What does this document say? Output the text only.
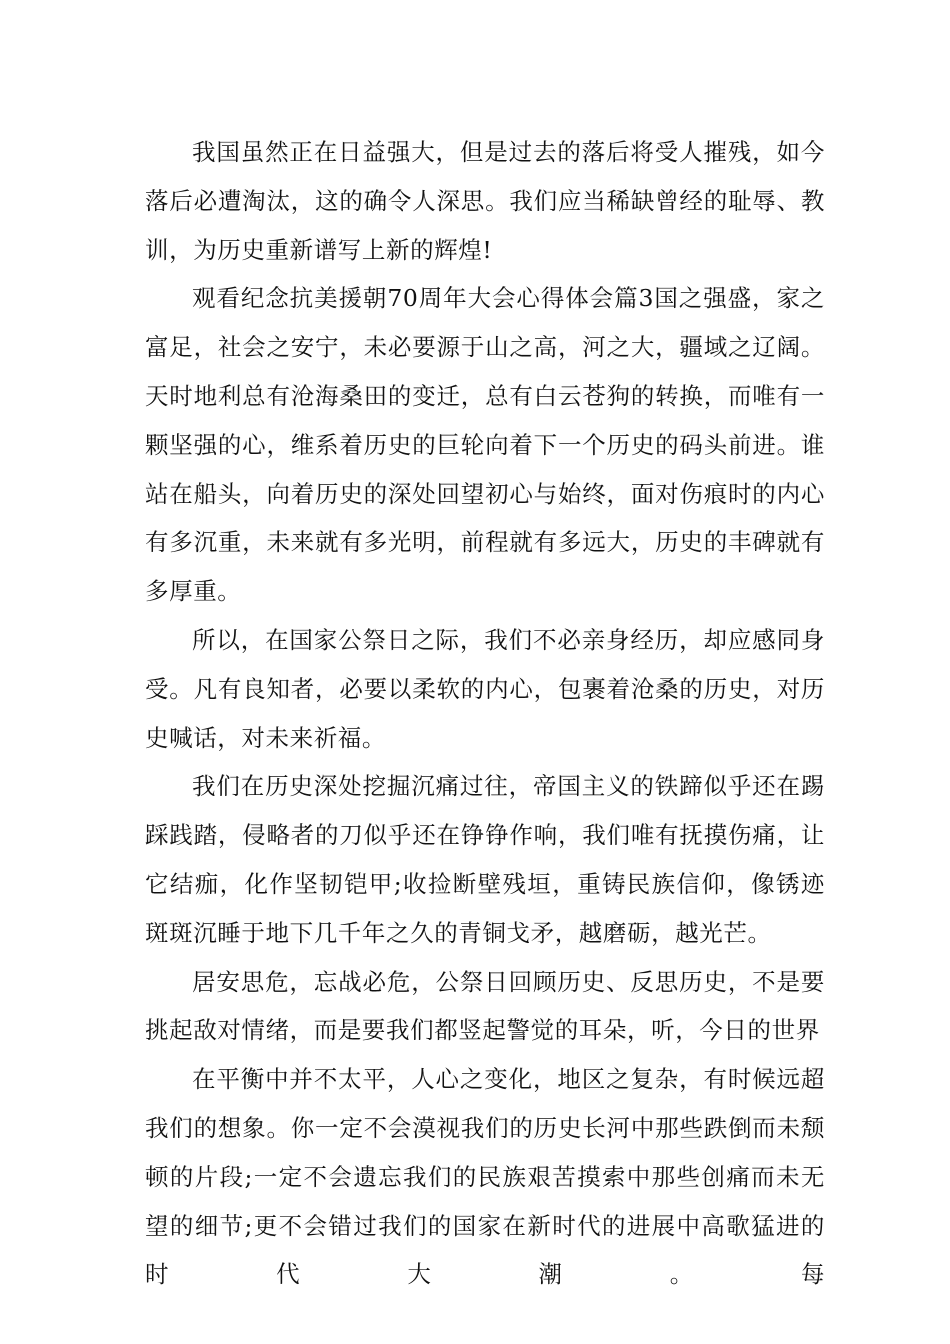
我国虽然正在日益强大，但是过去的落后将受人摧残，如今落后必遭淘汰，这的确令人深思。我们应当稀缺曾经的耻辱、教训，为历史重新谱写上新的辉煌!

观看纪念抗美援朝70周年大会心得体会篇3国之强盛，家之富足，社会之安宁，未必要源于山之高，河之大，疆域之辽阔。天时地利总有沧海桑田的变迁，总有白云苍狗的转换，而唯有一颗坚强的心，维系着历史的巨轮向着下一个历史的码头前进。谁站在船头，向着历史的深处回望初心与始终，面对伤痕时的内心有多沉重，未来就有多光明，前程就有多远大，历史的丰碑就有多厚重。

所以，在国家公祭日之际，我们不必亲身经历，却应感同身受。凡有良知者，必要以柔软的内心，包裹着沧桑的历史，对历史喊话，对未来祈福。

我们在历史深处挖掘沉痛过往，帝国主义的铁蹄似乎还在踢踩践踏，侵略者的刀似乎还在铮铮作响，我们唯有抚摸伤痛，让它结痂，化作坚韧铠甲;收捡断壁残垣，重铸民族信仰，像锈迹斑斑沉睡于地下几千年之久的青铜戈矛，越磨砺，越光芒。

居安思危，忘战必危，公祭日回顾历史、反思历史，不是要挑起敌对情绪，而是要我们都竖起警觉的耳朵，听，今日的世界

在平衡中并不太平，人心之变化，地区之复杂，有时候远超我们的想象。你一定不会漠视我们的历史长河中那些跌倒而未颓顿的片段;一定不会遗忘我们的民族艰苦摸索中那些创痛而未无望的细节;更不会错过我们的国家在新时代的进展中高歌猛进的时代大潮。每
